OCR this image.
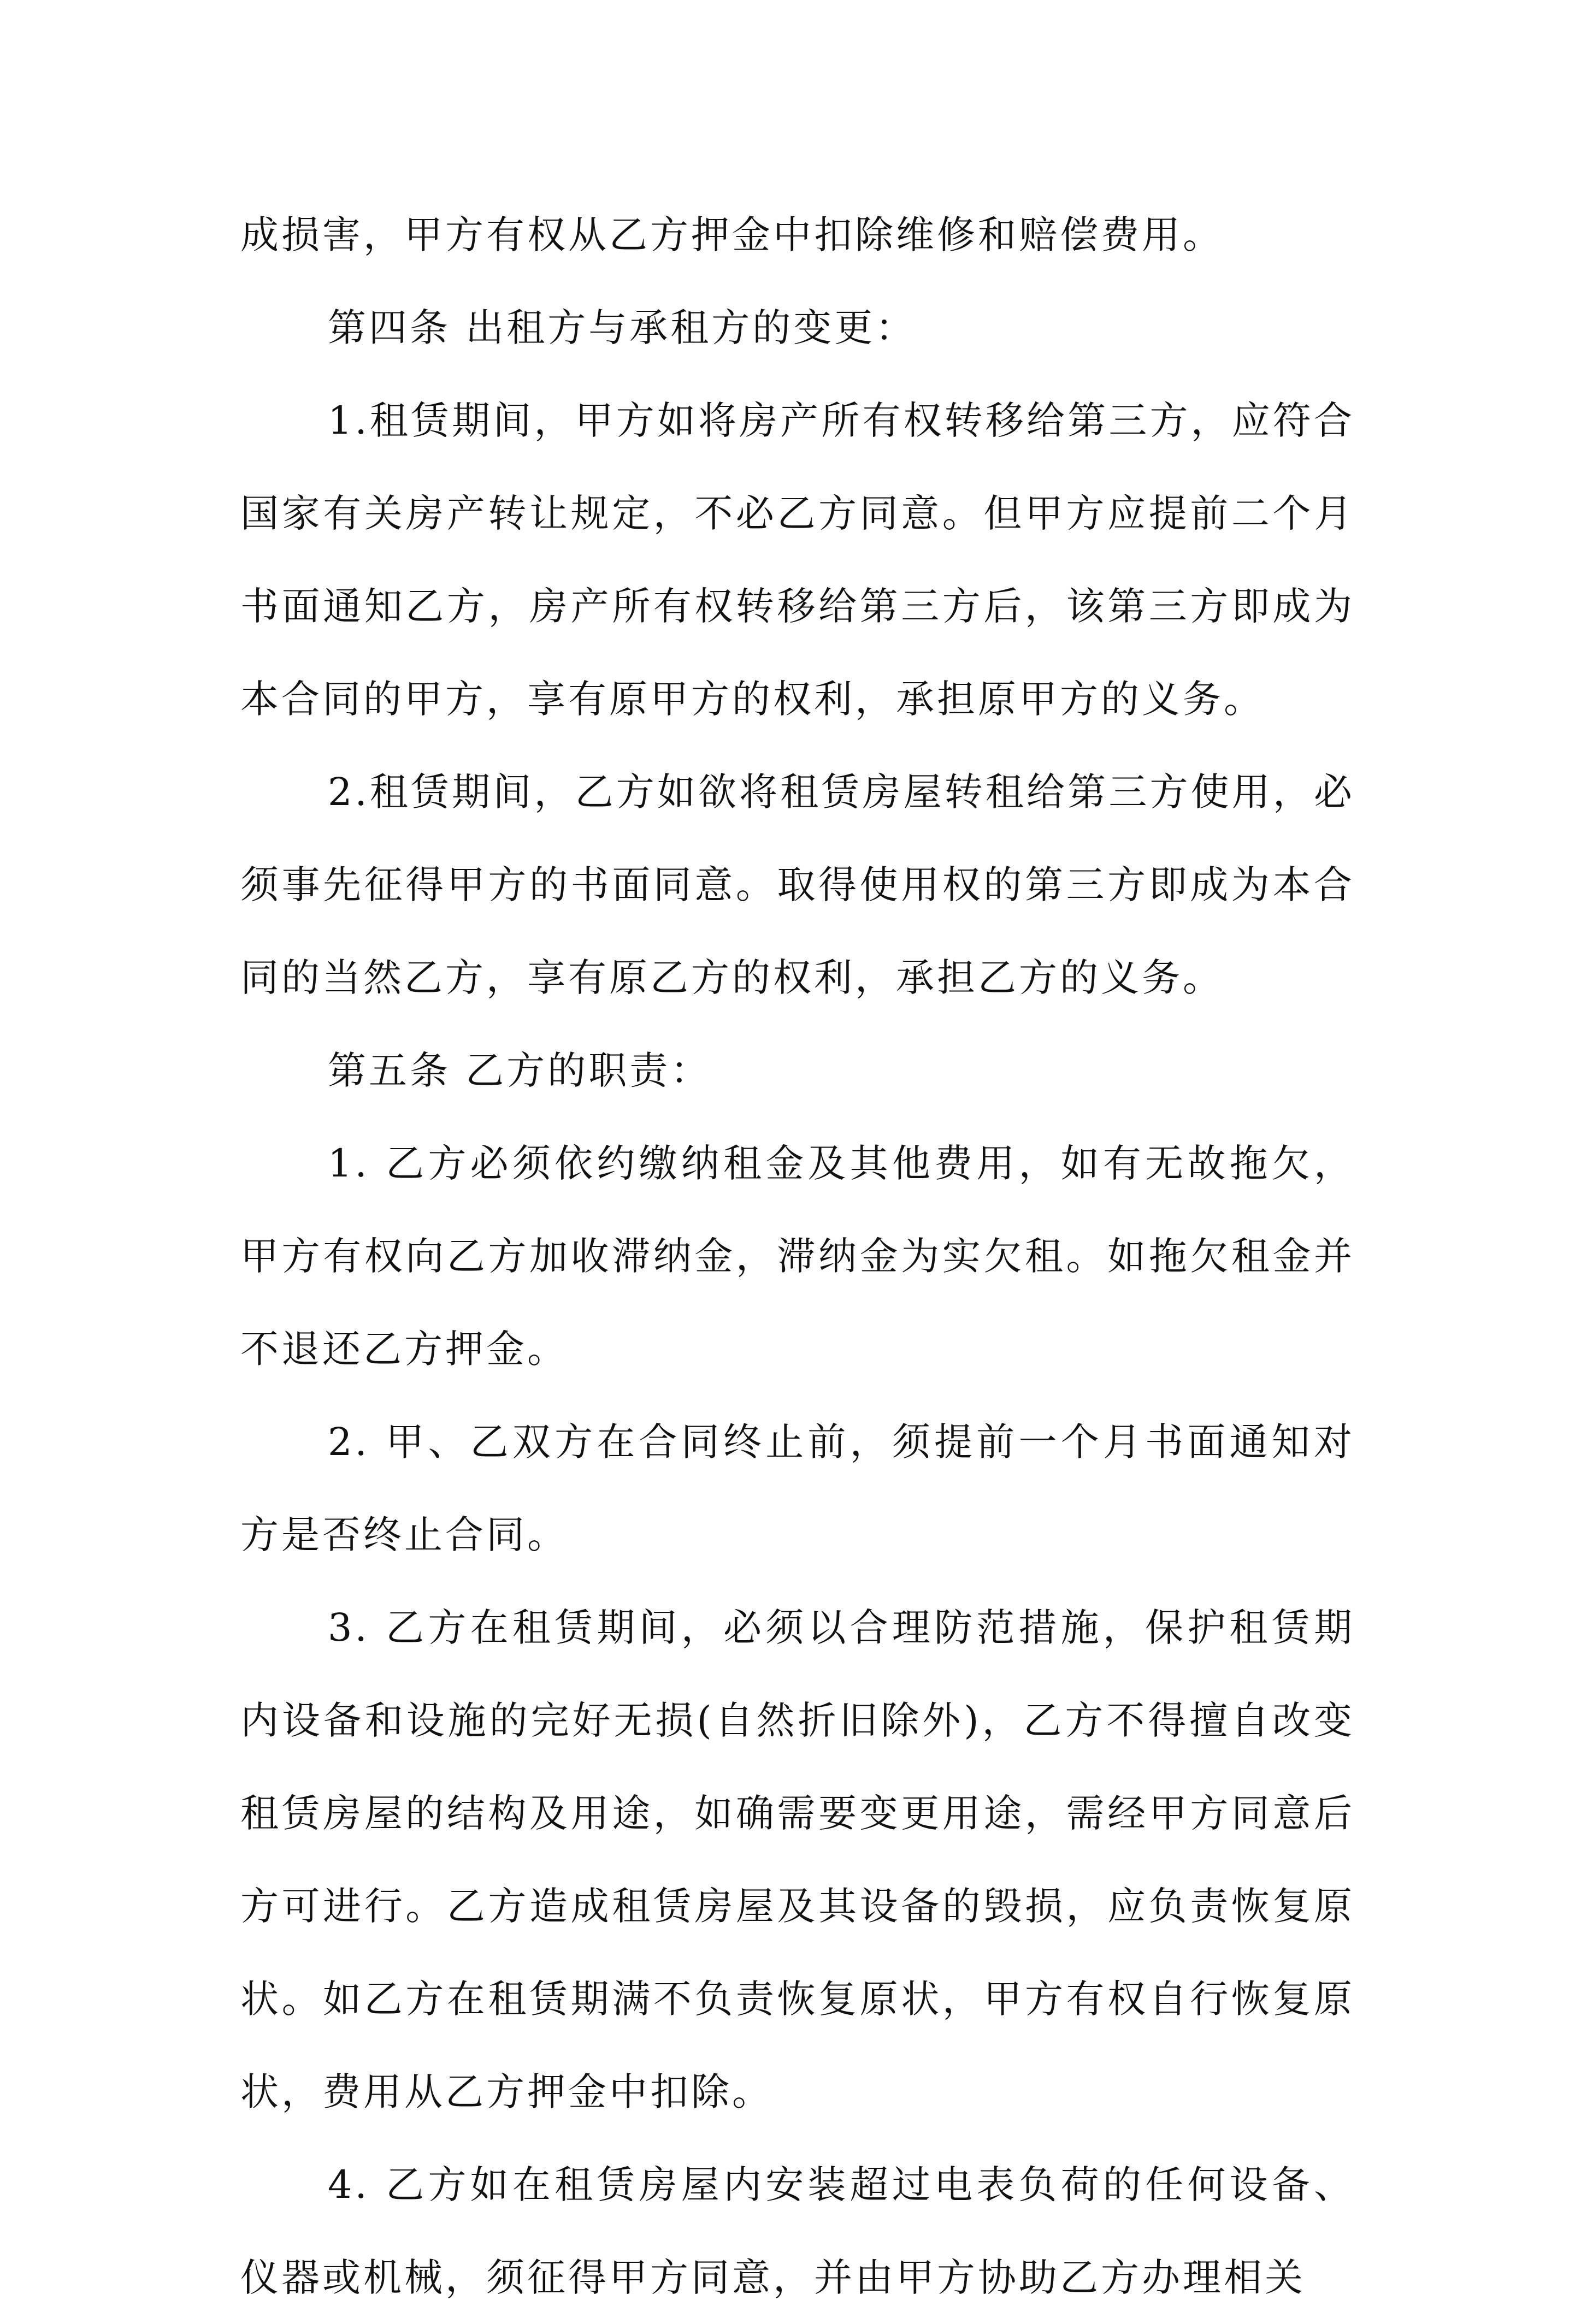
成损害，甲方有权从乙方押金中扣除维修和赔偿费用。

第四条 出租方与承租方的变更：

1.租赁期间，甲方如将房产所有权转移给第三方，应符合国家有关房产转让规定，不必乙方同意。但甲方应提前二个月书面通知乙方，房产所有权转移给第三方后，该第三方即成为本合同的甲方，享有原甲方的权利，承担原甲方的义务。

2.租赁期间，乙方如欲将租赁房屋转租给第三方使用，必须事先征得甲方的书面同意。取得使用权的第三方即成为本合同的当然乙方，享有原乙方的权利，承担乙方的义务。

第五条 乙方的职责：

1. 乙方必须依约缴纳租金及其他费用，如有无故拖欠，甲方有权向乙方加收滞纳金，滞纳金为实欠租。如拖欠租金并不退还乙方押金。

2. 甲、乙双方在合同终止前，须提前一个月书面通知对方是否终止合同。

3. 乙方在租赁期间，必须以合理防范措施，保护租赁期内设备和设施的完好无损(自然折旧除外)，乙方不得擅自改变租赁房屋的结构及用途，如确需要变更用途，需经甲方同意后方可进行。乙方造成租赁房屋及其设备的毁损，应负责恢复原状。如乙方在租赁期满不负责恢复原状，甲方有权自行恢复原状，费用从乙方押金中扣除。

4. 乙方如在租赁房屋内安装超过电表负荷的任何设备、仪器或机械，须征得甲方同意，并由甲方协助乙方办理相关
